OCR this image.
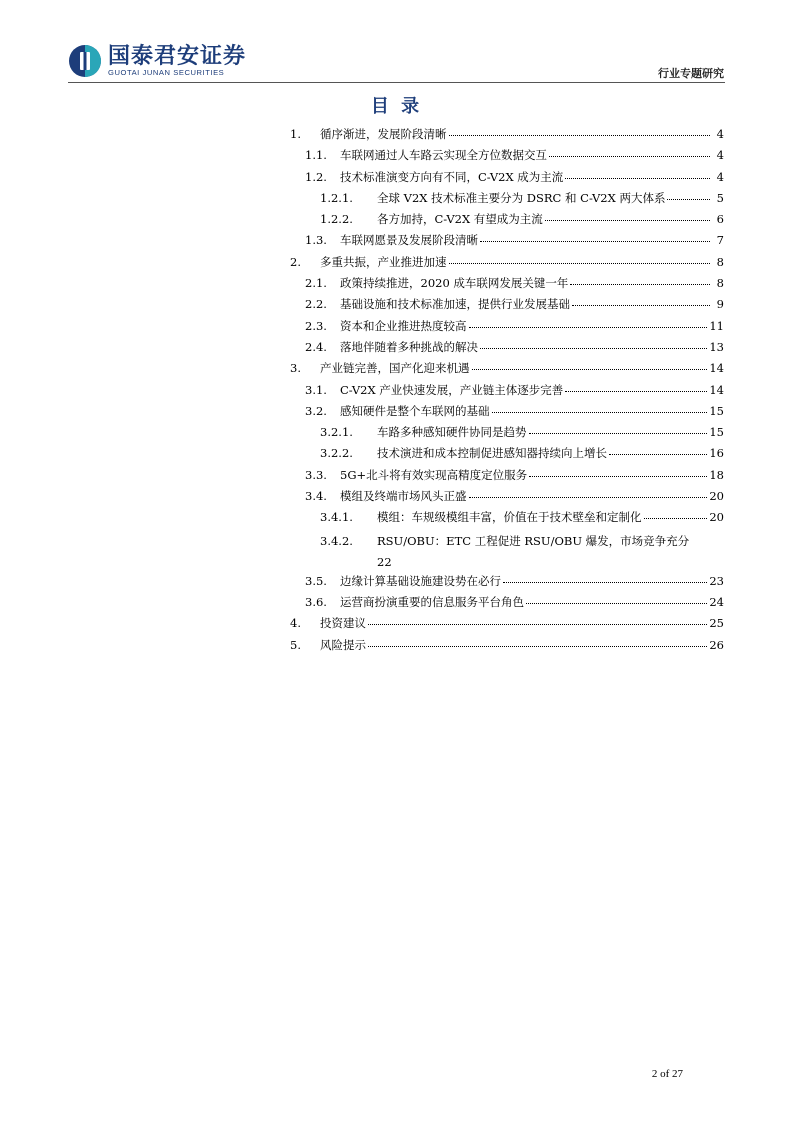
国泰君安证券
GUOTAI JUNAN SECURITIES	行业专题研究
目 录
1.	循序渐进，发展阶段清晰	4
1.1.	车联网通过人车路云实现全方位数据交互	4
1.2.	技术标准演变方向有不同，C-V2X 成为主流	4
1.2.1.	全球 V2X 技术标准主要分为 DSRC 和 C-V2X 两大体系	5
1.2.2.	各方加持，C-V2X 有望成为主流	6
1.3.	车联网愿景及发展阶段清晰	7
2.	多重共振，产业推进加速	8
2.1.	政策持续推进，2020 成车联网发展关键一年	8
2.2.	基础设施和技术标准加速，提供行业发展基础	9
2.3.	资本和企业推进热度较高	11
2.4.	落地伴随着多种挑战的解决	13
3.	产业链完善，国产化迎来机遇	14
3.1.	C-V2X 产业快速发展，产业链主体逐步完善	14
3.2.	感知硬件是整个车联网的基础	15
3.2.1.	车路多种感知硬件协同是趋势	15
3.2.2.	技术演进和成本控制促进感知器持续向上增长	16
3.3.	5G+北斗将有效实现高精度定位服务	18
3.4.	模组及终端市场风头正盛	20
3.4.1.	模组：车规级模组丰富，价值在于技术壁垒和定制化	20
3.4.2.	RSU/OBU：ETC 工程促进 RSU/OBU 爆发，市场竞争充分
22
3.5.	边缘计算基础设施建设势在必行	23
3.6.	运营商扮演重要的信息服务平台角色	24
4.	投资建议	25
5.	风险提示	26
2 of 27
